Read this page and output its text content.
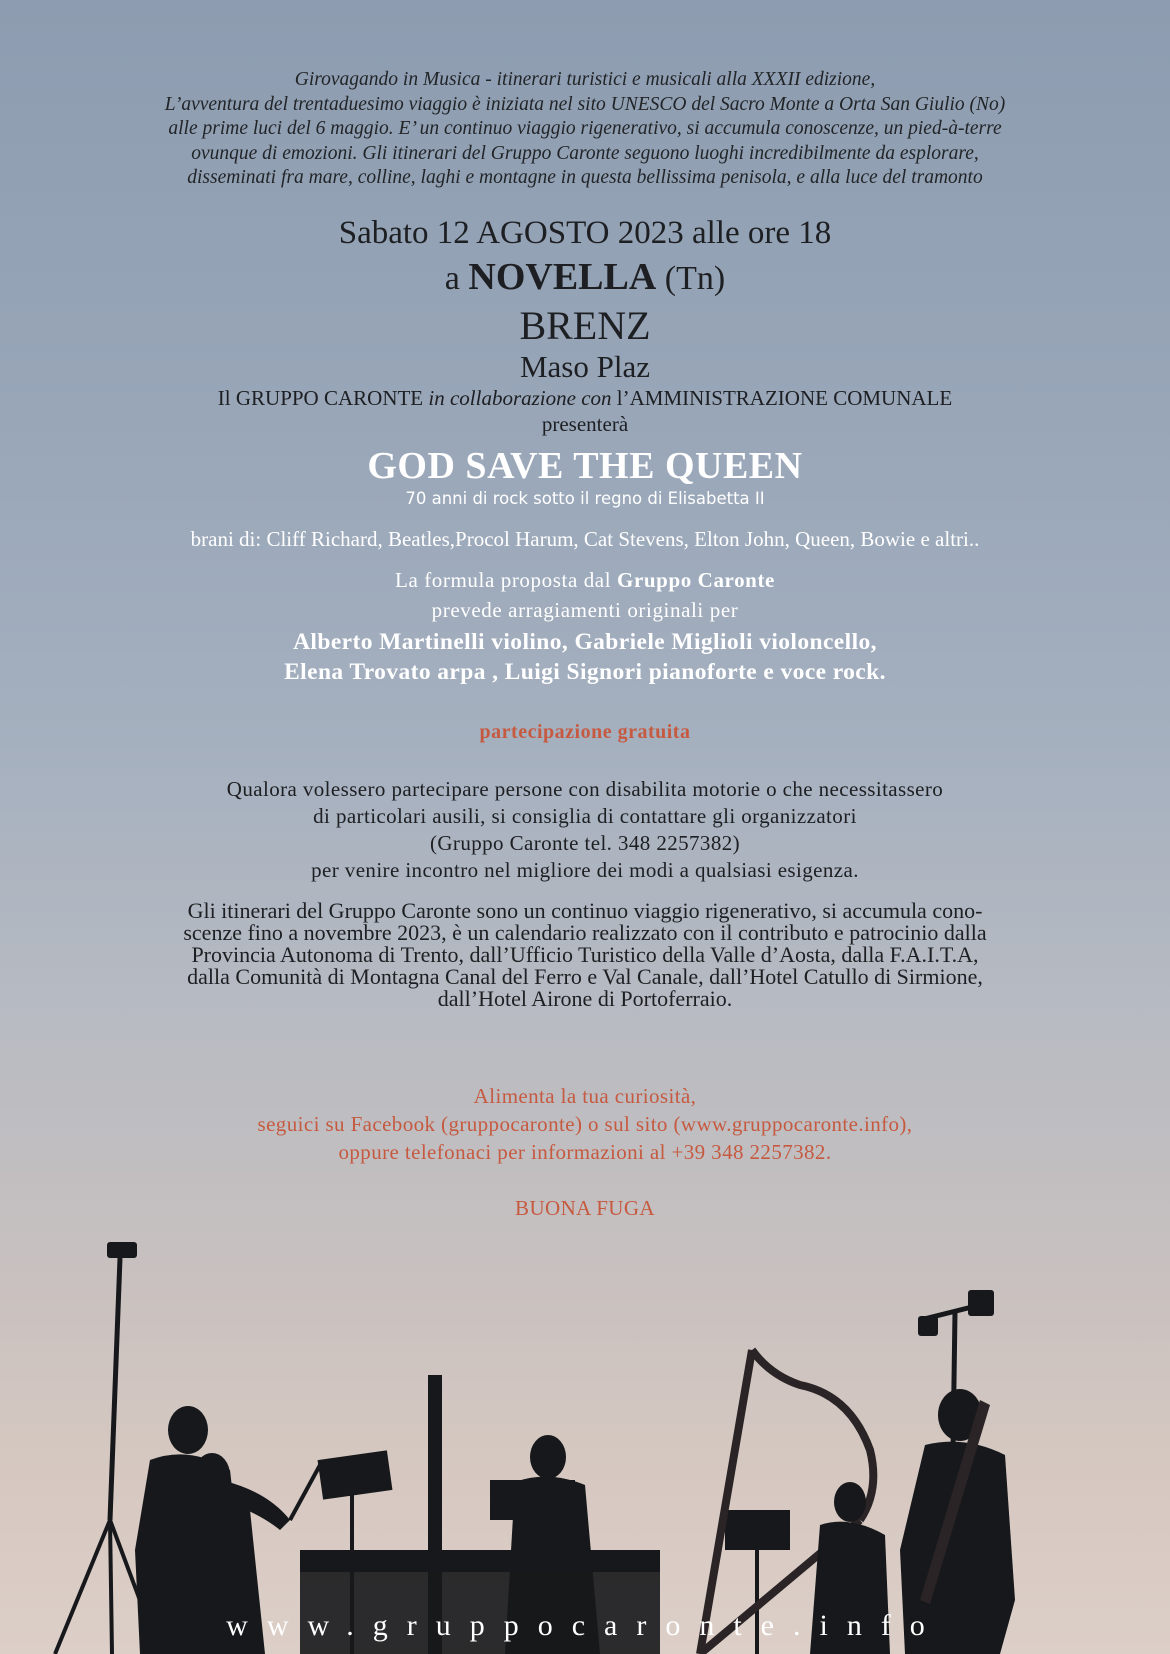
Girovagando in Musica - itinerari turistici e musicali alla XXXII edizione,
L’avventura del trentaduesimo viaggio è iniziata nel sito UNESCO del Sacro Monte a Orta San Giulio (No)
alle prime luci del 6 maggio. E’ un continuo viaggio rigenerativo, si accumula conoscenze, un pied-à-terre
ovunque di emozioni. Gli itinerari del Gruppo Caronte seguono luoghi incredibilmente da esplorare,
disseminati fra mare, colline, laghi e montagne in questa bellissima penisola, e alla luce del tramonto
Sabato 12 AGOSTO 2023 alle ore 18
a NOVELLA (Tn)
BRENZ
Maso Plaz
Il GRUPPO CARONTE in collaborazione con l’AMMINISTRAZIONE COMUNALE
presenterà
GOD SAVE THE QUEEN
70 anni di rock sotto il regno di Elisabetta II
brani di: Cliff Richard, Beatles,Procol Harum, Cat Stevens, Elton John, Queen, Bowie e altri..
La formula proposta dal Gruppo Caronte
prevede arragiamenti originali per
Alberto Martinelli violino, Gabriele Miglioli violoncello,
Elena Trovato arpa , Luigi Signori pianoforte e voce rock.
partecipazione gratuita
Qualora volessero partecipare persone con disabilita motorie o che necessitassero
di particolari ausili, si consiglia di contattare gli organizzatori
(Gruppo Caronte tel. 348 2257382)
per venire incontro nel migliore dei modi a qualsiasi esigenza.
Gli itinerari del Gruppo Caronte sono un continuo viaggio rigenerativo, si accumula cono-
scenze fino a novembre 2023, è un calendario realizzato con il contributo e patrocinio dalla
Provincia Autonoma di Trento, dall’Ufficio Turistico della Valle d’Aosta, dalla F.A.I.T.A,
dalla Comunità di Montagna Canal del Ferro e Val Canale, dall’Hotel Catullo di Sirmione,
dall’Hotel Airone di Portoferraio.
Alimenta la tua curiosità,
seguici su Facebook (gruppocaronte) o sul sito (www.gruppocaronte.info),
oppure telefonaci per informazioni al +39 348 2257382.
BUONA FUGA
www.gruppocaronte.info
